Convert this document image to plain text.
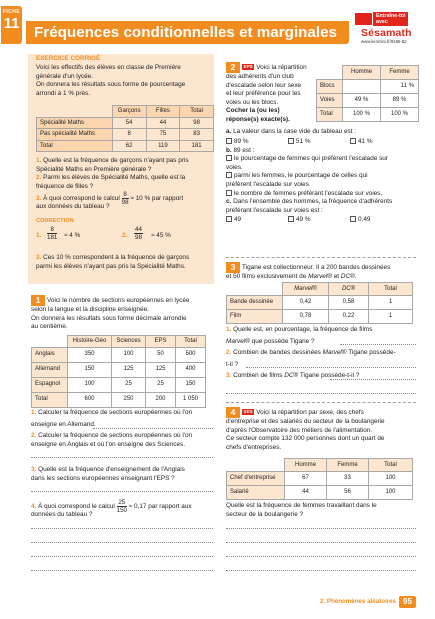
FICHE
11
Fréquences conditionnelles et marginales
Entraîne-toi
avec
Sésamath
www.lienmini.fr/9186-82
EXERCICE CORRIGÉ
Voici les effectifs des élèves en classe de Première
générale d'un lycée.
On donnera les résultats sous forme de pourcentage
arrondi à 1 % près.
	Garçons	Filles	Total
Spécialité Maths	54	44	98
Pas spécialité Maths	8	75	83
Total	62	119	181
1. Quelle est la fréquence de garçons n'ayant pas pris
Spécialité Maths en Première générale ?
2. Parmi les élèves de Spécialité Maths, quelle est la
fréquence de filles ?
3. À quoi correspond le calcul $\frac{8}{98} \approx 10$ % par rapport
aux données du tableau ?
CORRECTION
1. $\frac{8}{181} \approx 4$ %	2. $\frac{44}{98} \approx 45$ %
3. Ces 10 % correspondent à la fréquence de garçons
parmi les élèves n'ayant pas pris la Spécialité Maths.
1 Voici le nombre de sections européennes en lycée
selon la langue et la discipline enseignée.
On donnera les résultats sous forme décimale arrondie
au centième.
	Histoire-Géo	Sciences	EPS	Total
Anglais	350	100	50	500
Allemand	150	125	125	400
Espagnol	100	25	25	150
Total	600	250	200	1 050
1. Calculer la fréquence de sections européennes où l'on
enseigne en Allemand.
2. Calculer la fréquence de sections européennes où l'on
enseigne en Anglais et où l'on enseigne des Sciences.
3. Quelle est la fréquence d'enseignement de l'Anglais
dans les sections européennes enseignant l'EPS ?
4. À quoi correspond le calcul $\frac{25}{150} \approx 0,17$ par rapport aux
données du tableau ?
2 EPS Voici la répartition
des adhérents d'un club
d'escalade selon leur sexe
et leur préférence pour les
voies ou les blocs.
Cocher la (ou les)
réponse(s) exacte(s).
	Homme	Femme
Blocs		11 %
Voies	49 %	89 %
Total	100 %	100 %
a. La valeur dans la case vide du tableau est :
89 %	51 %	41 %
b. 89 est :
le pourcentage de femmes qui préfèrent l'escalade sur
voies.
parmi les femmes, le pourcentage de celles qui
préfèrent l'escalade sur voies.
le nombre de femmes préférant l'escalade sur voies.
c. Dans l'ensemble des hommes, la fréquence d'adhérents
préférant l'escalade sur voies est :
49	49 %	0,49
3 Tigane est collectionneur. Il a 200 bandes dessinées
et 50 films exclusivement de Marvel® et DC®.
	Marvel®	DC®	Total
Bande dessinée	0,42	0,58	1
Film	0,78	0,22	1
1. Quelle est, en pourcentage, la fréquence de films
Marvel® que possède Tigane ?
2. Combien de bandes dessinées Marvel® Tigane possède-
t-il ?
3. Combien de films DC® Tigane possède-t-il ?
4 SES Voici la répartition par sexe, des chefs
d'entreprise et des salariés du secteur de la boulangerie
d'après l'Observatoire des métiers de l'alimentation.
Ce secteur compte 132 000 personnes dont un quart de
chefs d'entreprises.
	Homme	Femme	Total
Chef d'entreprise	67	33	100
Salarié	44	56	100
Quelle est la fréquence de femmes travaillant dans le
secteur de la boulangerie ?
2. Phénomènes aléatoires 95
